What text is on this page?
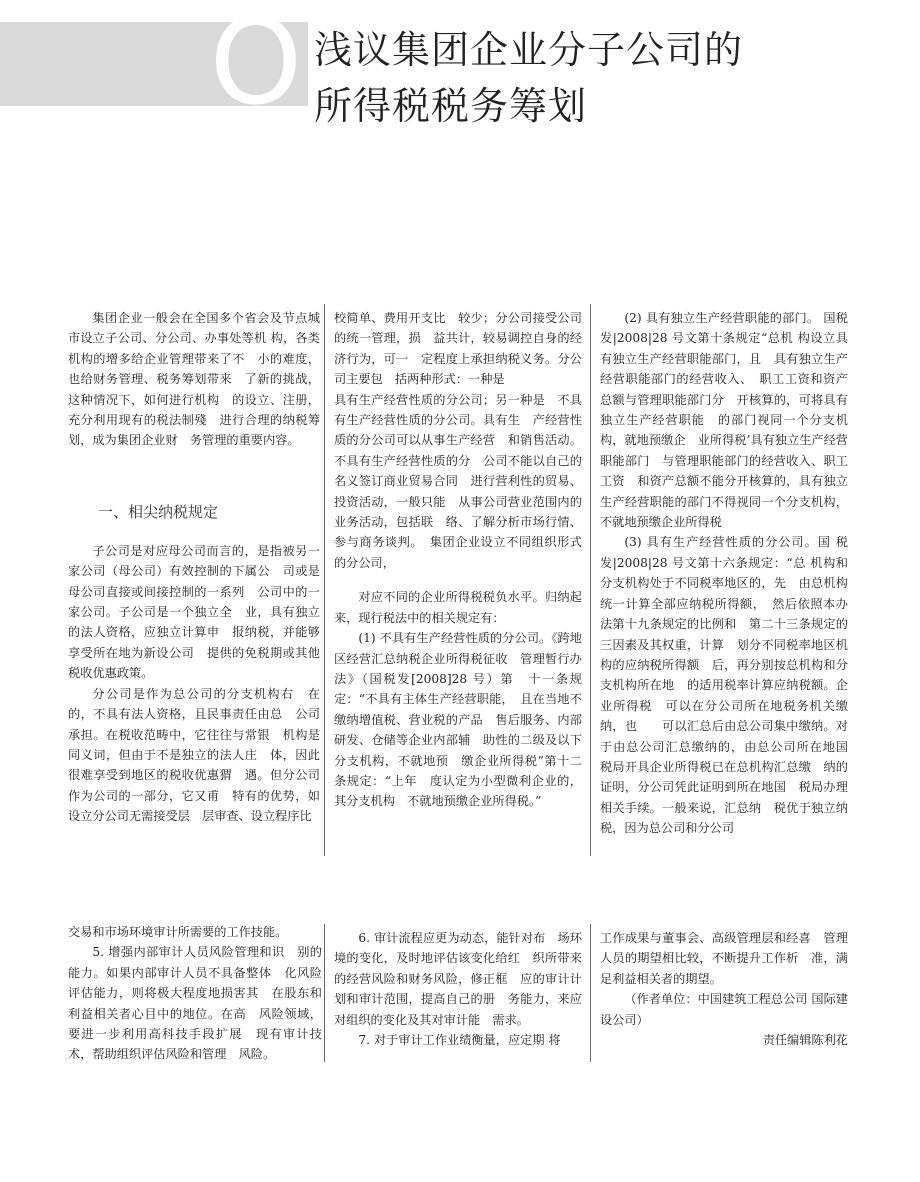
O 浅议集团企业分子公司的
所得税税务筹划

集团企业一般会在全国多个省会及节点城市设立子公司、分公司、办事处等机 构，各类机构的增多给企业管理带来了不　小的难度，也给财务管理、税务筹划带来　了新的挑战，这种情况下，如何进行机构　的设立、注册，充分利用现有的税法制殘　进行合理的纳税筹划，成为集团企业财　务管理的重要内容。

一、相尖纳税规定

子公司是对应母公司而言的，是指被另一家公司（母公司）有效控制的下属公　司或是母公司直接或间接控制的一系列　公司中的一家公司。子公司是一个独立全　业，具有独立的法人资格，应独立计算申　报纳税，并能够享受所在地为新设公司　提供的免税期或其他税收优惠政策。

分公司是作为总公司的分支机构右　在的，不具有法人资格，且民事责任由总　公司承担。在税收范畴中，它往往与常银　机构是同义词，但由于不是独立的法人庄　体，因此很难享受到地区的税收优惠猬　遇。但分公司作为公司的一部分，它又甫　特有的优势，如设立分公司无需接受层　层审查、设立程序比

校简单、费用开支比　较少；分公司接受公司的统一管理，损　益共计，较易调控自身的经济行为，可一　定程度上承担纳税义务。分公司主要包　括两种形式：一种是

具有生产经营性质的分公司；另一种是　不具有生产经营性质的分公司。具有生　产经营性质的分公司可以从事生产经营　和销售活动。不具有生产经营性质的分　公司不能以自己的名义签订商业贸易合同　进行营利性的贸易、投资活动，一般只能　从事公司营业范围内的业务活动，包括联　络、了解分析市场行情、参与商务谈判。　集团企业设立不同组织形式的分公司，

对应不同的企业所得税税负水平。归纳起来，现行税法中的相关规定有：

(1) 不具有生产经营性质的分公司。《跨地区经营汇总纳税企业所得税征收　管理暂行办法》（国税发[2008]28 号）第　十一条规定：“不具有主体生产经营职能，　且在当地不缴纳增值税、营业税的产品　售后服务、内部研发、仓储等企业内部辅　助性的二级及以下分支机构，不就地预　缴企业所得税”第十二条规定：“上年　度认定为小型微利企业的，其分支机构　不就地预缴企业所得税。”

(2) 具有独立生产经营职能的部门。 国税发|2008|28 号文第十条规定“总机 构设立具有独立生产经营职能部门，且　具有独立生产经营职能部门的经营收入、　职工工资和资产总额与管理职能部门分　开核算的，可将具有独立生产经营职能　的部门视同一个分支机构，就地预缴企　业所得税’具有独立生产经营职能部门　与管理职能部门的经营收入、职工工资　和资产总额不能分开核算的，具有独立　　生产经营职能的部门不得视同一个分支机构，不就地预缴企业所得税

(3) 具有生产经营性质的分公司。国 税发|2008|28 号文第十六条规定：“总 机构和分支机构处于不同税率地区的，先　由总机构统一计算全部应纳税所得额，　然后依照本办法第十九条规定的比例和　第二十三条规定的三因素及其权重，计算　划分不同税率地区机构的应纳税所得额　后，再分别按总机构和分支机构所在地　的适用税率计算应纳税额。企业所得税　可以在分公司所在地税务机关缴纳，也　　可以汇总后由总公司集中缴纳。对于由总公司汇总缴纳的，由总公司所在地国　税局开具企业所得税已在总机构汇总缴　纳的证明，分公司凭此证明到所在地国　税局办理相关手续。一般来说，汇总纳　税优于独立纳税，因为总公司和分公司

交易和市场环境审计所需要的工作技能。

5. 增强内部审计人员风险管理和识　别的能力。如果内部审计人员不具备整体　化风险评估能力，则将极大程度地损害其　在股东和利益相关者心目中的地位。在高　风险领域，要进一步利用高科技手段扩展　现有审计技术，帮助组织评估风险和管理　风险。

6. 审计流程应更为动态，能针对布　场环境的变化，及时地评估该变化给红　织所带来的经营风险和财务风险，修正框　应的审计计划和审计范围，提高自己的册　务能力，来应对组织的变化及其对审计能　需求。

7. 对于审计工作业绩衡量，应定期 将

工作成果与董事会、高级管理层和经喜　管理人员的期望相比较，不断提升工作析　准，满足利益相关者的期望。

（作者单位：中国建筑工程总公司 国际建设公司）

责任编辑陈利花
